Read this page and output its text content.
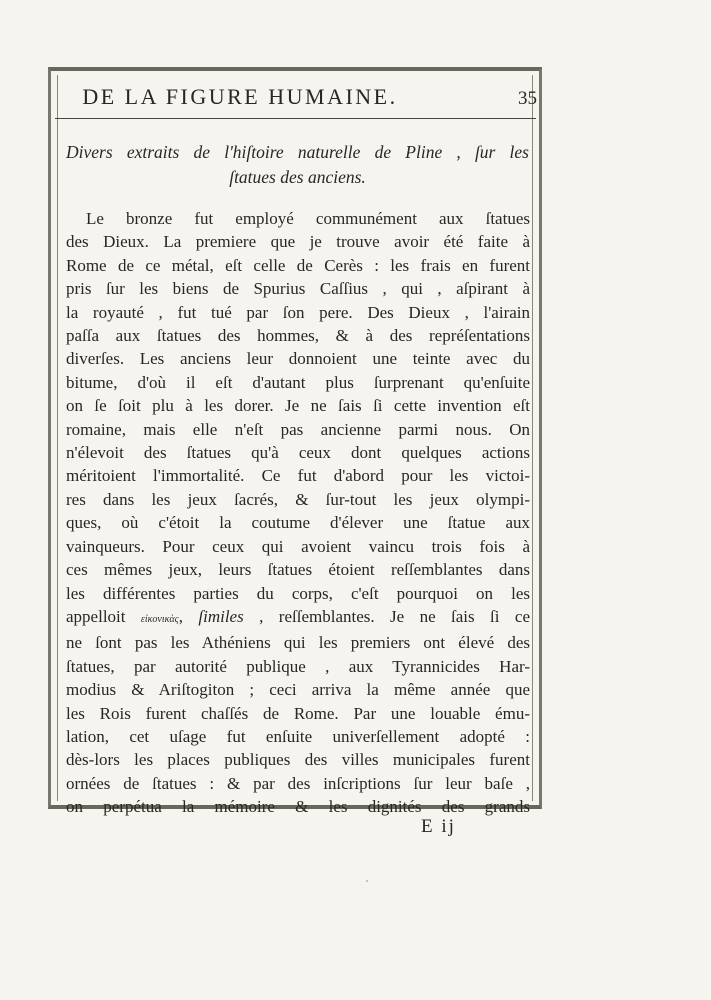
DE LA FIGURE HUMAINE.	35
Divers extraits de l'hiſtoire naturelle de Pline , ſur les
ſtatues des anciens.
Le bronze fut employé communément aux ſtatues
des Dieux. La premiere que je trouve avoir été faite à
Rome de ce métal, eſt celle de Cerès : les frais en furent
pris ſur les biens de Spurius Caſſius , qui , aſpirant à
la royauté , fut tué par ſon pere. Des Dieux , l'airain
paſſa aux ſtatues des hommes, & à des repréſentations
diverſes. Les anciens leur donnoient une teinte avec du
bitume, d'où il eſt d'autant plus ſurprenant qu'enſuite
on ſe ſoit plu à les dorer. Je ne ſais ſi cette invention eſt
romaine, mais elle n'eſt pas ancienne parmi nous. On
n'élevoit des ſtatues qu'à ceux dont quelques actions
méritoient l'immortalité. Ce fut d'abord pour les victoi-
res dans les jeux ſacrés, & ſur-tout les jeux olympi-
ques, où c'étoit la coutume d'élever une ſtatue aux
vainqueurs. Pour ceux qui avoient vaincu trois fois à
ces mêmes jeux, leurs ſtatues étoient reſſemblantes dans
les différentes parties du corps, c'eſt pourquoi on les
appelloit εἰκονικὰς, ſimiles , reſſemblantes. Je ne ſais ſi ce
ne ſont pas les Athéniens qui les premiers ont élevé des
ſtatues, par autorité publique , aux Tyrannicides Har-
modius & Ariſtogiton ; ceci arriva la même année que
les Rois furent chaſſés de Rome. Par une louable ému-
lation, cet uſage fut enſuite univerſellement adopté :
dès-lors les places publiques des villes municipales furent
ornées de ſtatues : & par des inſcriptions ſur leur baſe ,
on perpétua la mémoire & les dignités des grands
E ij
